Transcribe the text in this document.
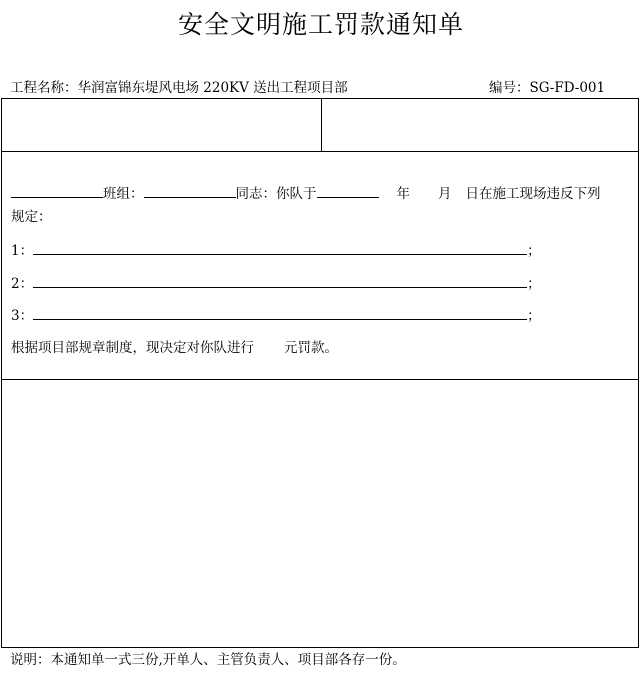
安全文明施工罚款通知单
工程名称：华润富锦东堤风电场 220KV 送出工程项目部	编号：SG-FD-001
班组：	同志：你队于	年 月 日在施工现场违反下列
规定：
1：	；
2：	；
3：	；
根据项目部规章制度，现决定对你队进行 元罚款。
说明：本通知单一式三份,开单人、主管负责人、项目部各存一份。
